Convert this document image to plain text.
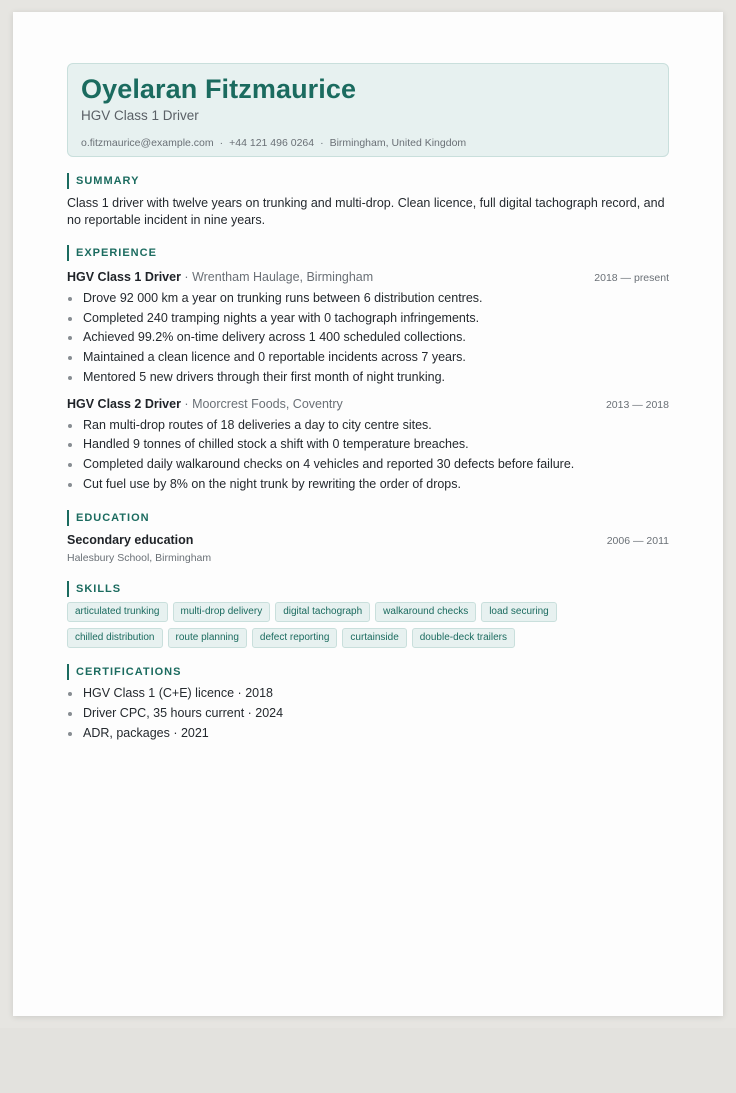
Oyelaran Fitzmaurice
HGV Class 1 Driver
o.fitzmaurice@example.com · +44 121 496 0264 · Birmingham, United Kingdom
SUMMARY
Class 1 driver with twelve years on trunking and multi-drop. Clean licence, full digital tachograph record, and no reportable incident in nine years.
EXPERIENCE
HGV Class 1 Driver · Wrentham Haulage, Birmingham	2018 — present
Drove 92 000 km a year on trunking runs between 6 distribution centres.
Completed 240 tramping nights a year with 0 tachograph infringements.
Achieved 99.2% on-time delivery across 1 400 scheduled collections.
Maintained a clean licence and 0 reportable incidents across 7 years.
Mentored 5 new drivers through their first month of night trunking.
HGV Class 2 Driver · Moorcrest Foods, Coventry	2013 — 2018
Ran multi-drop routes of 18 deliveries a day to city centre sites.
Handled 9 tonnes of chilled stock a shift with 0 temperature breaches.
Completed daily walkaround checks on 4 vehicles and reported 30 defects before failure.
Cut fuel use by 8% on the night trunk by rewriting the order of drops.
EDUCATION
Secondary education	2006 — 2011
Halesbury School, Birmingham
SKILLS
articulated trunking	multi-drop delivery	digital tachograph	walkaround checks	load securing
chilled distribution	route planning	defect reporting	curtainside	double-deck trailers
CERTIFICATIONS
HGV Class 1 (C+E) licence · 2018
Driver CPC, 35 hours current · 2024
ADR, packages · 2021
